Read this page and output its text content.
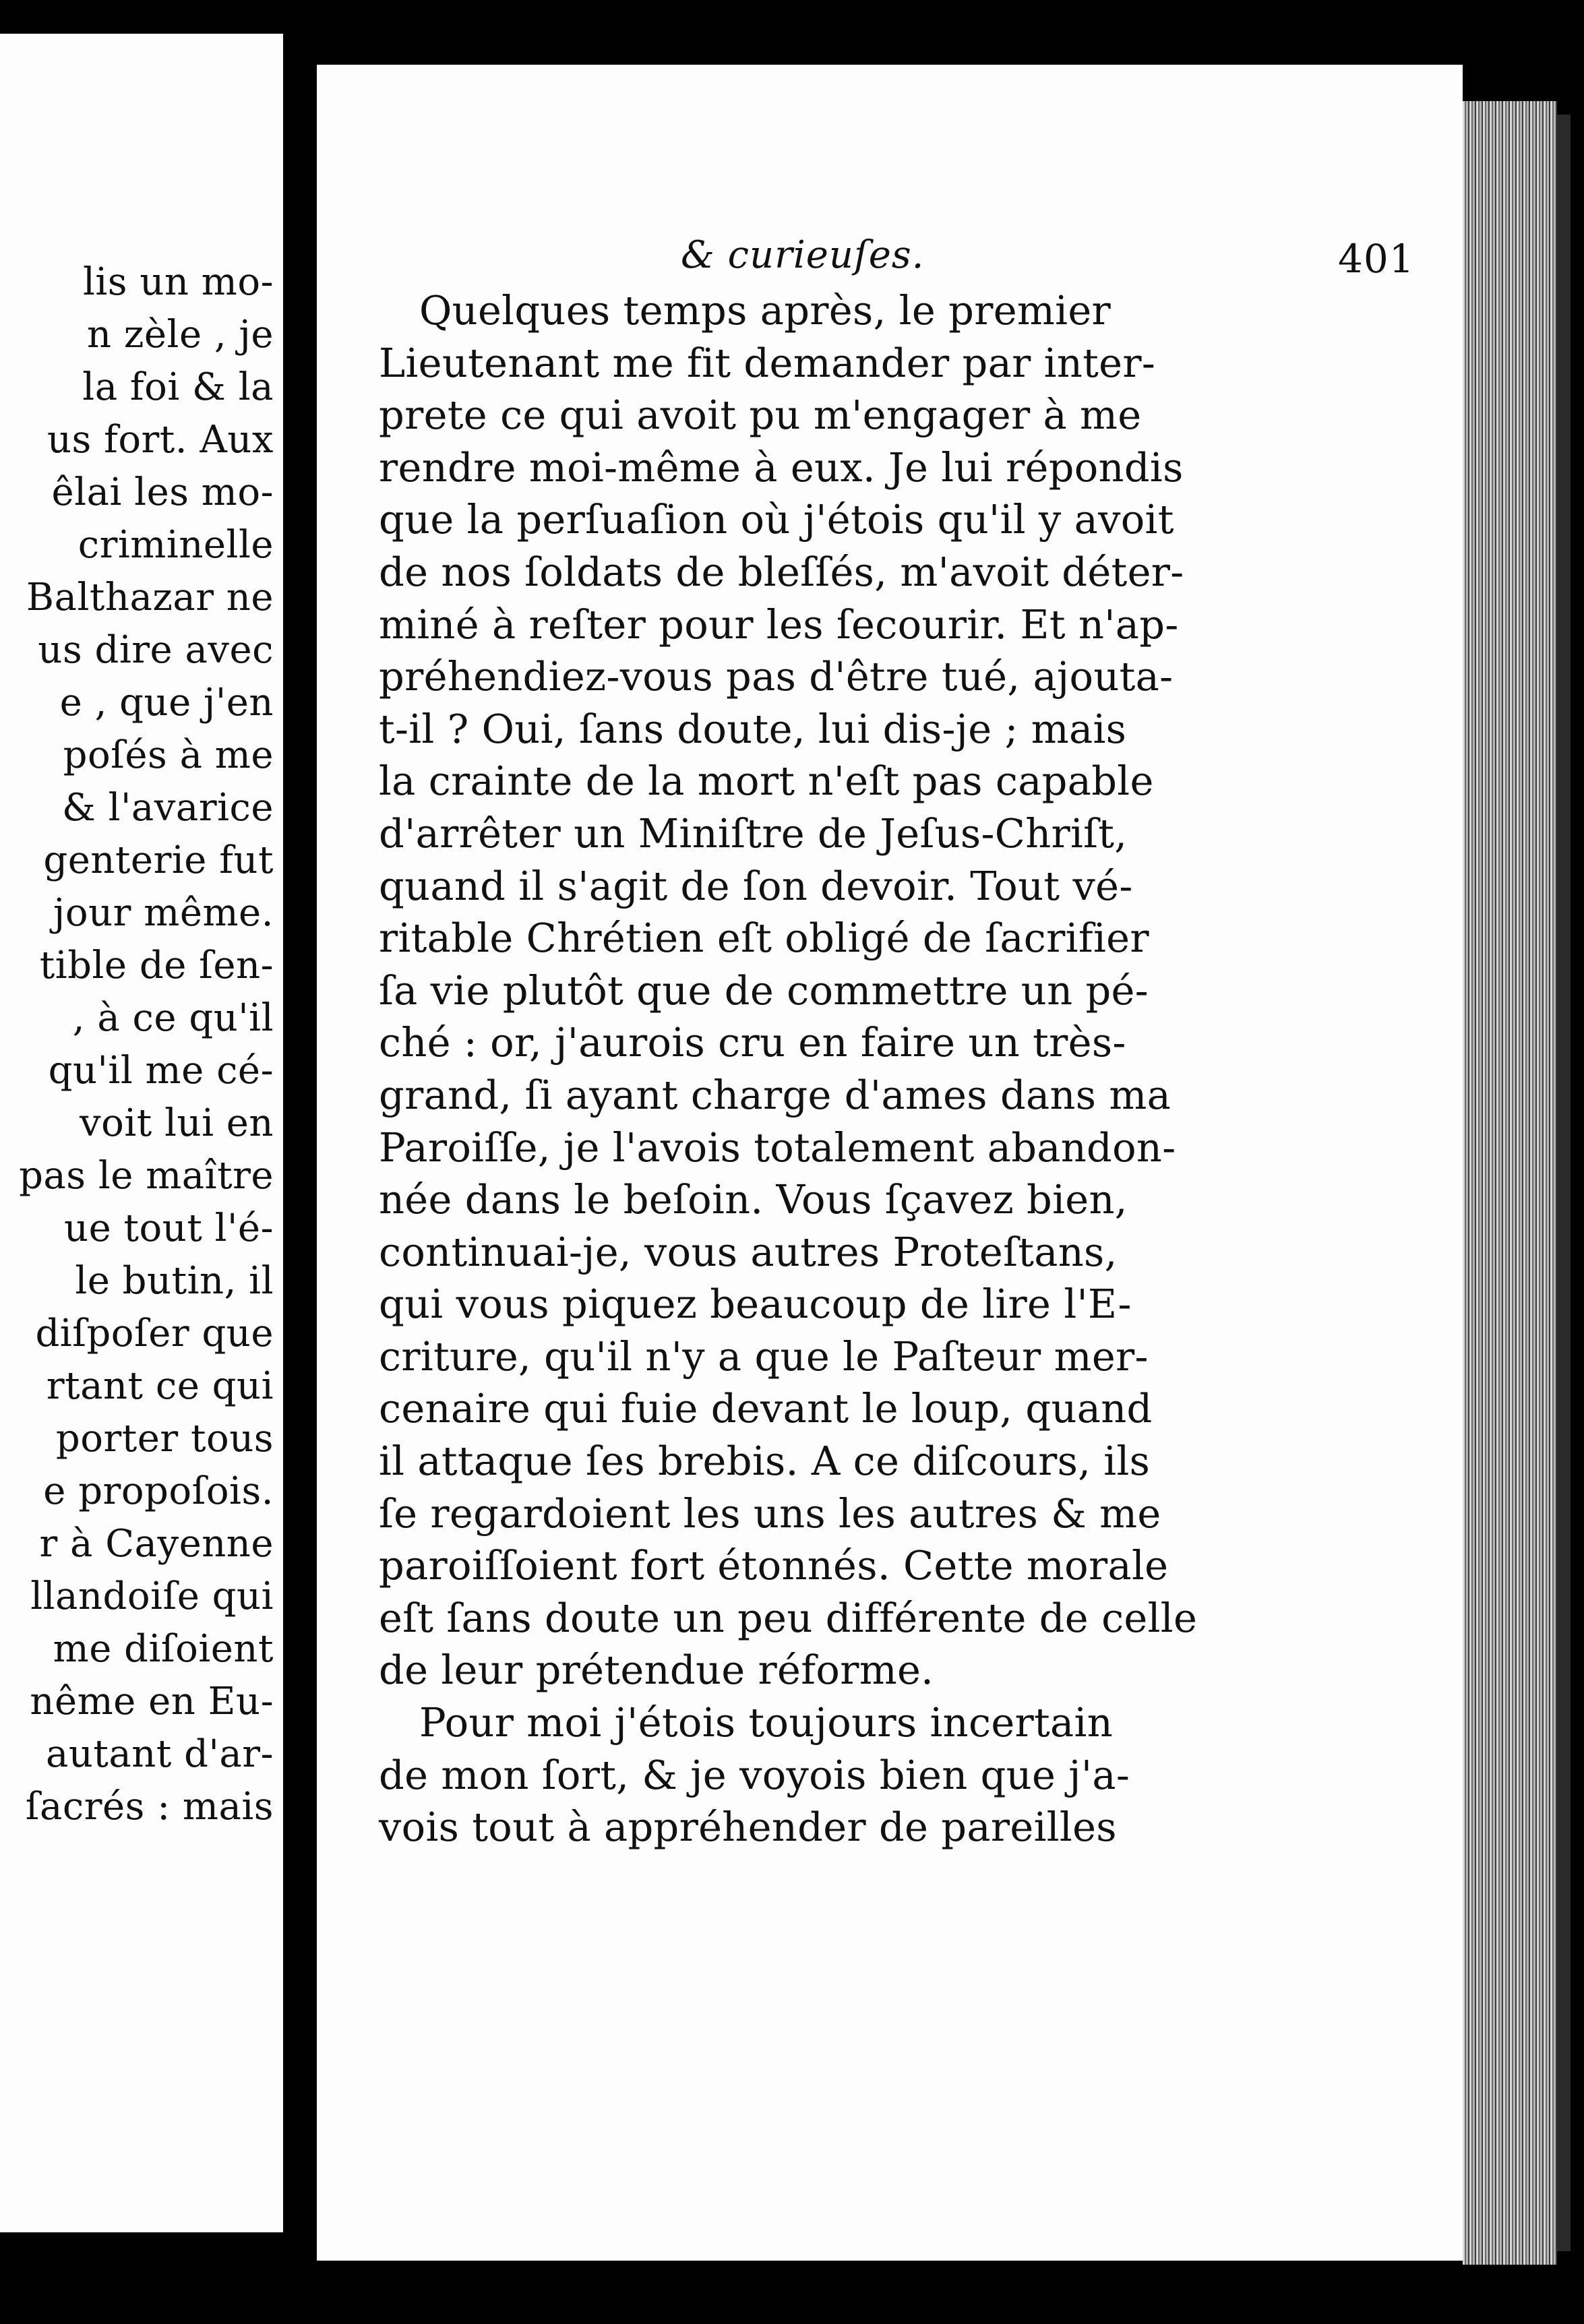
lis un mo-
n zèle , je
la foi & la
us fort. Aux
êlai les mo-
criminelle
Balthazar ne
us dire avec
e , que j'en
poſés à me
& l'avarice
genterie fut
jour même.
tible de ſen-
, à ce qu'il
qu'il me cé-
voit lui en
pas le maître
ue tout l'é-
le butin, il
diſpoſer que
rtant ce qui
porter tous
e propoſois.
r à Cayenne
llandoiſe qui
me diſoient
nême en Eu-
autant d'ar-
ſacrés : mais
& curieuſes.	401
Quelques temps après, le premier
Lieutenant me fit demander par inter-
prete ce qui avoit pu m'engager à me
rendre moi-même à eux. Je lui répondis
que la perſuaſion où j'étois qu'il y avoit
de nos ſoldats de bleſſés, m'avoit déter-
miné à reſter pour les ſecourir. Et n'ap-
préhendiez-vous pas d'être tué, ajouta-
t-il ? Oui, ſans doute, lui dis-je ; mais
la crainte de la mort n'eſt pas capable
d'arrêter un Miniſtre de Jeſus-Chriſt,
quand il s'agit de ſon devoir. Tout vé-
ritable Chrétien eſt obligé de ſacrifier
ſa vie plutôt que de commettre un pé-
ché : or, j'aurois cru en faire un très-
grand, ſi ayant charge d'ames dans ma
Paroiſſe, je l'avois totalement abandon-
née dans le beſoin. Vous ſçavez bien,
continuai-je, vous autres Proteſtans,
qui vous piquez beaucoup de lire l'E-
criture, qu'il n'y a que le Paſteur mer-
cenaire qui fuie devant le loup, quand
il attaque ſes brebis. A ce diſcours, ils
ſe regardoient les uns les autres & me
paroiſſoient fort étonnés. Cette morale
eſt ſans doute un peu différente de celle
de leur prétendue réforme.
Pour moi j'étois toujours incertain
de mon ſort, & je voyois bien que j'a-
vois tout à appréhender de pareilles
